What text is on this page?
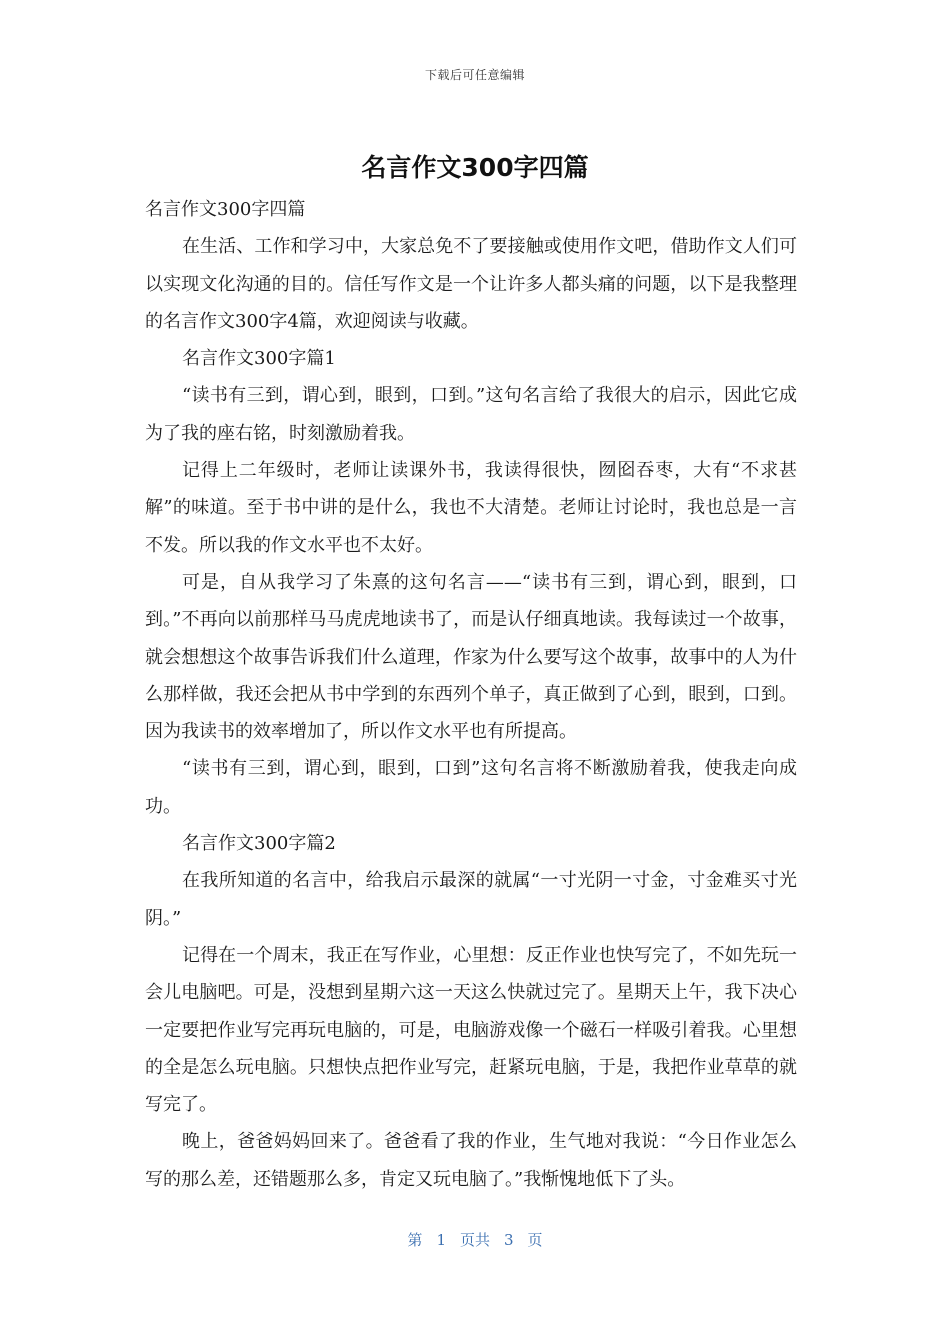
下载后可任意编辑
名言作文300字四篇

名言作文300字四篇

在生活、工作和学习中，大家总免不了要接触或使用作文吧，借助作文人们可以实现文化沟通的目的。信任写作文是一个让许多人都头痛的问题，以下是我整理的名言作文300字4篇，欢迎阅读与收藏。

名言作文300字篇1

“读书有三到，谓心到，眼到，口到。”这句名言给了我很大的启示，因此它成为了我的座右铭，时刻激励着我。

记得上二年级时，老师让读课外书，我读得很快，囫囵吞枣，大有“不求甚解”的味道。至于书中讲的是什么，我也不大清楚。老师让讨论时，我也总是一言不发。所以我的作文水平也不太好。

可是，自从我学习了朱熹的这句名言——“读书有三到，谓心到，眼到，口到。”不再向以前那样马马虎虎地读书了，而是认仔细真地读。我每读过一个故事，就会想想这个故事告诉我们什么道理，作家为什么要写这个故事，故事中的人为什么那样做，我还会把从书中学到的东西列个单子，真正做到了心到，眼到，口到。因为我读书的效率增加了，所以作文水平也有所提高。

“读书有三到，谓心到，眼到，口到”这句名言将不断激励着我，使我走向成功。

名言作文300字篇2

在我所知道的名言中，给我启示最深的就属“一寸光阴一寸金，寸金难买寸光阴。”

记得在一个周末，我正在写作业，心里想：反正作业也快写完了，不如先玩一会儿电脑吧。可是，没想到星期六这一天这么快就过完了。星期天上午，我下决心一定要把作业写完再玩电脑的，可是，电脑游戏像一个磁石一样吸引着我。心里想的全是怎么玩电脑。只想快点把作业写完，赶紧玩电脑，于是，我把作业草草的就写完了。

晚上，爸爸妈妈回来了。爸爸看了我的作业，生气地对我说：“今日作业怎么写的那么差，还错题那么多，肯定又玩电脑了。”我惭愧地低下了头。

第 1 页共 3 页
